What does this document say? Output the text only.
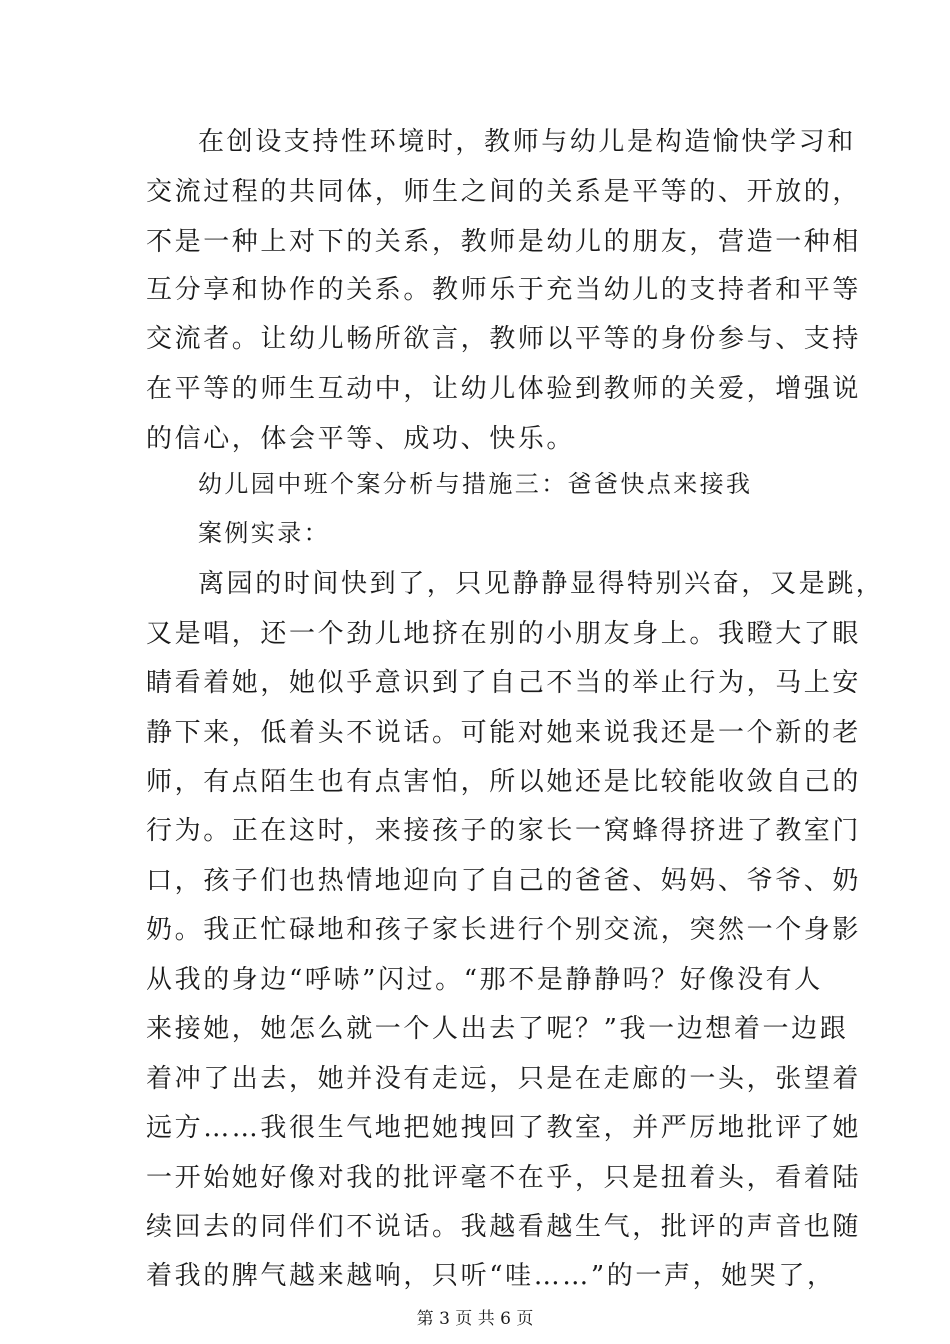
在创设支持性环境时，教师与幼儿是构造愉快学习和
交流过程的共同体，师生之间的关系是平等的、开放的，
不是一种上对下的关系，教师是幼儿的朋友，营造一种相
互分享和协作的关系。教师乐于充当幼儿的支持者和平等
交流者。让幼儿畅所欲言，教师以平等的身份参与、支持
在平等的师生互动中，让幼儿体验到教师的关爱，增强说
的信心，体会平等、成功、快乐。
幼儿园中班个案分析与措施三：爸爸快点来接我
案例实录：
离园的时间快到了，只见静静显得特别兴奋，又是跳，
又是唱，还一个劲儿地挤在别的小朋友身上。我瞪大了眼
睛看着她，她似乎意识到了自己不当的举止行为，马上安
静下来，低着头不说话。可能对她来说我还是一个新的老
师，有点陌生也有点害怕，所以她还是比较能收敛自己的
行为。正在这时，来接孩子的家长一窝蜂得挤进了教室门
口，孩子们也热情地迎向了自己的爸爸、妈妈、爷爷、奶
奶。我正忙碌地和孩子家长进行个别交流，突然一个身影
从我的身边“呼哧”闪过。“那不是静静吗？好像没有人
来接她，她怎么就一个人出去了呢？”我一边想着一边跟
着冲了出去，她并没有走远，只是在走廊的一头，张望着
远方……我很生气地把她拽回了教室，并严厉地批评了她
一开始她好像对我的批评毫不在乎，只是扭着头，看着陆
续回去的同伴们不说话。我越看越生气，批评的声音也随
着我的脾气越来越响，只听“哇……”的一声，她哭了，
第 3 页 共 6 页
